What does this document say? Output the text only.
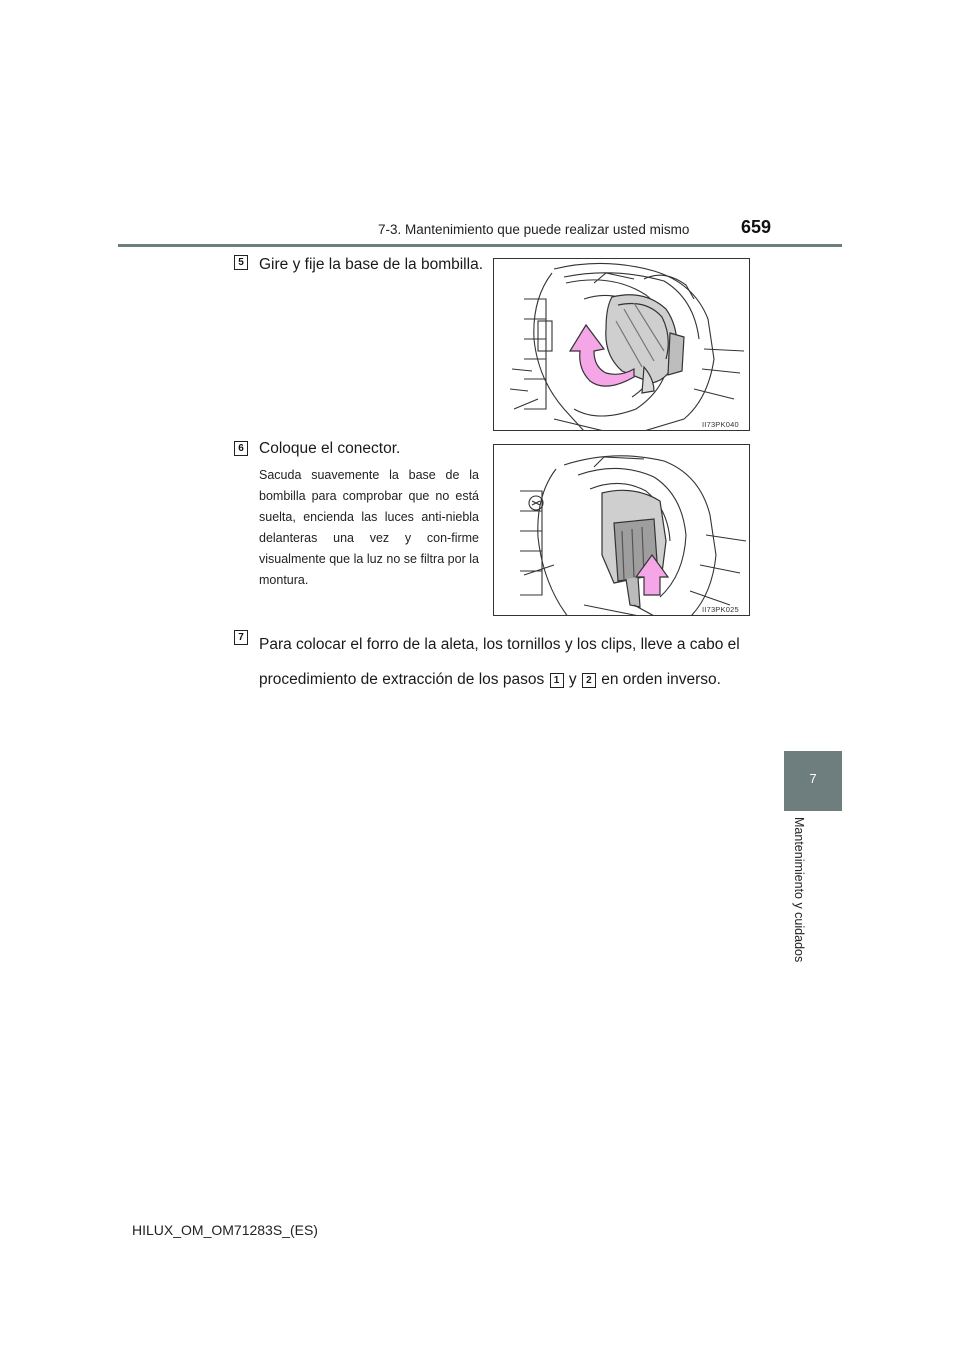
7-3. Mantenimiento que puede realizar usted mismo	659
7
Mantenimiento y cuidados
5 Gire y fije la base de la bombilla.
II73PK040
6 Coloque el conector.
Sacuda suavemente la base de la bombilla para comprobar que no está suelta, encienda las luces anti-niebla delanteras una vez y con-firme visualmente que la luz no se filtra por la montura.
II73PK025
7 Para colocar el forro de la aleta, los tornillos y los clips, lleve a cabo el procedimiento de extracción de los pasos 1 y 2 en orden inverso.
HILUX_OM_OM71283S_(ES)
